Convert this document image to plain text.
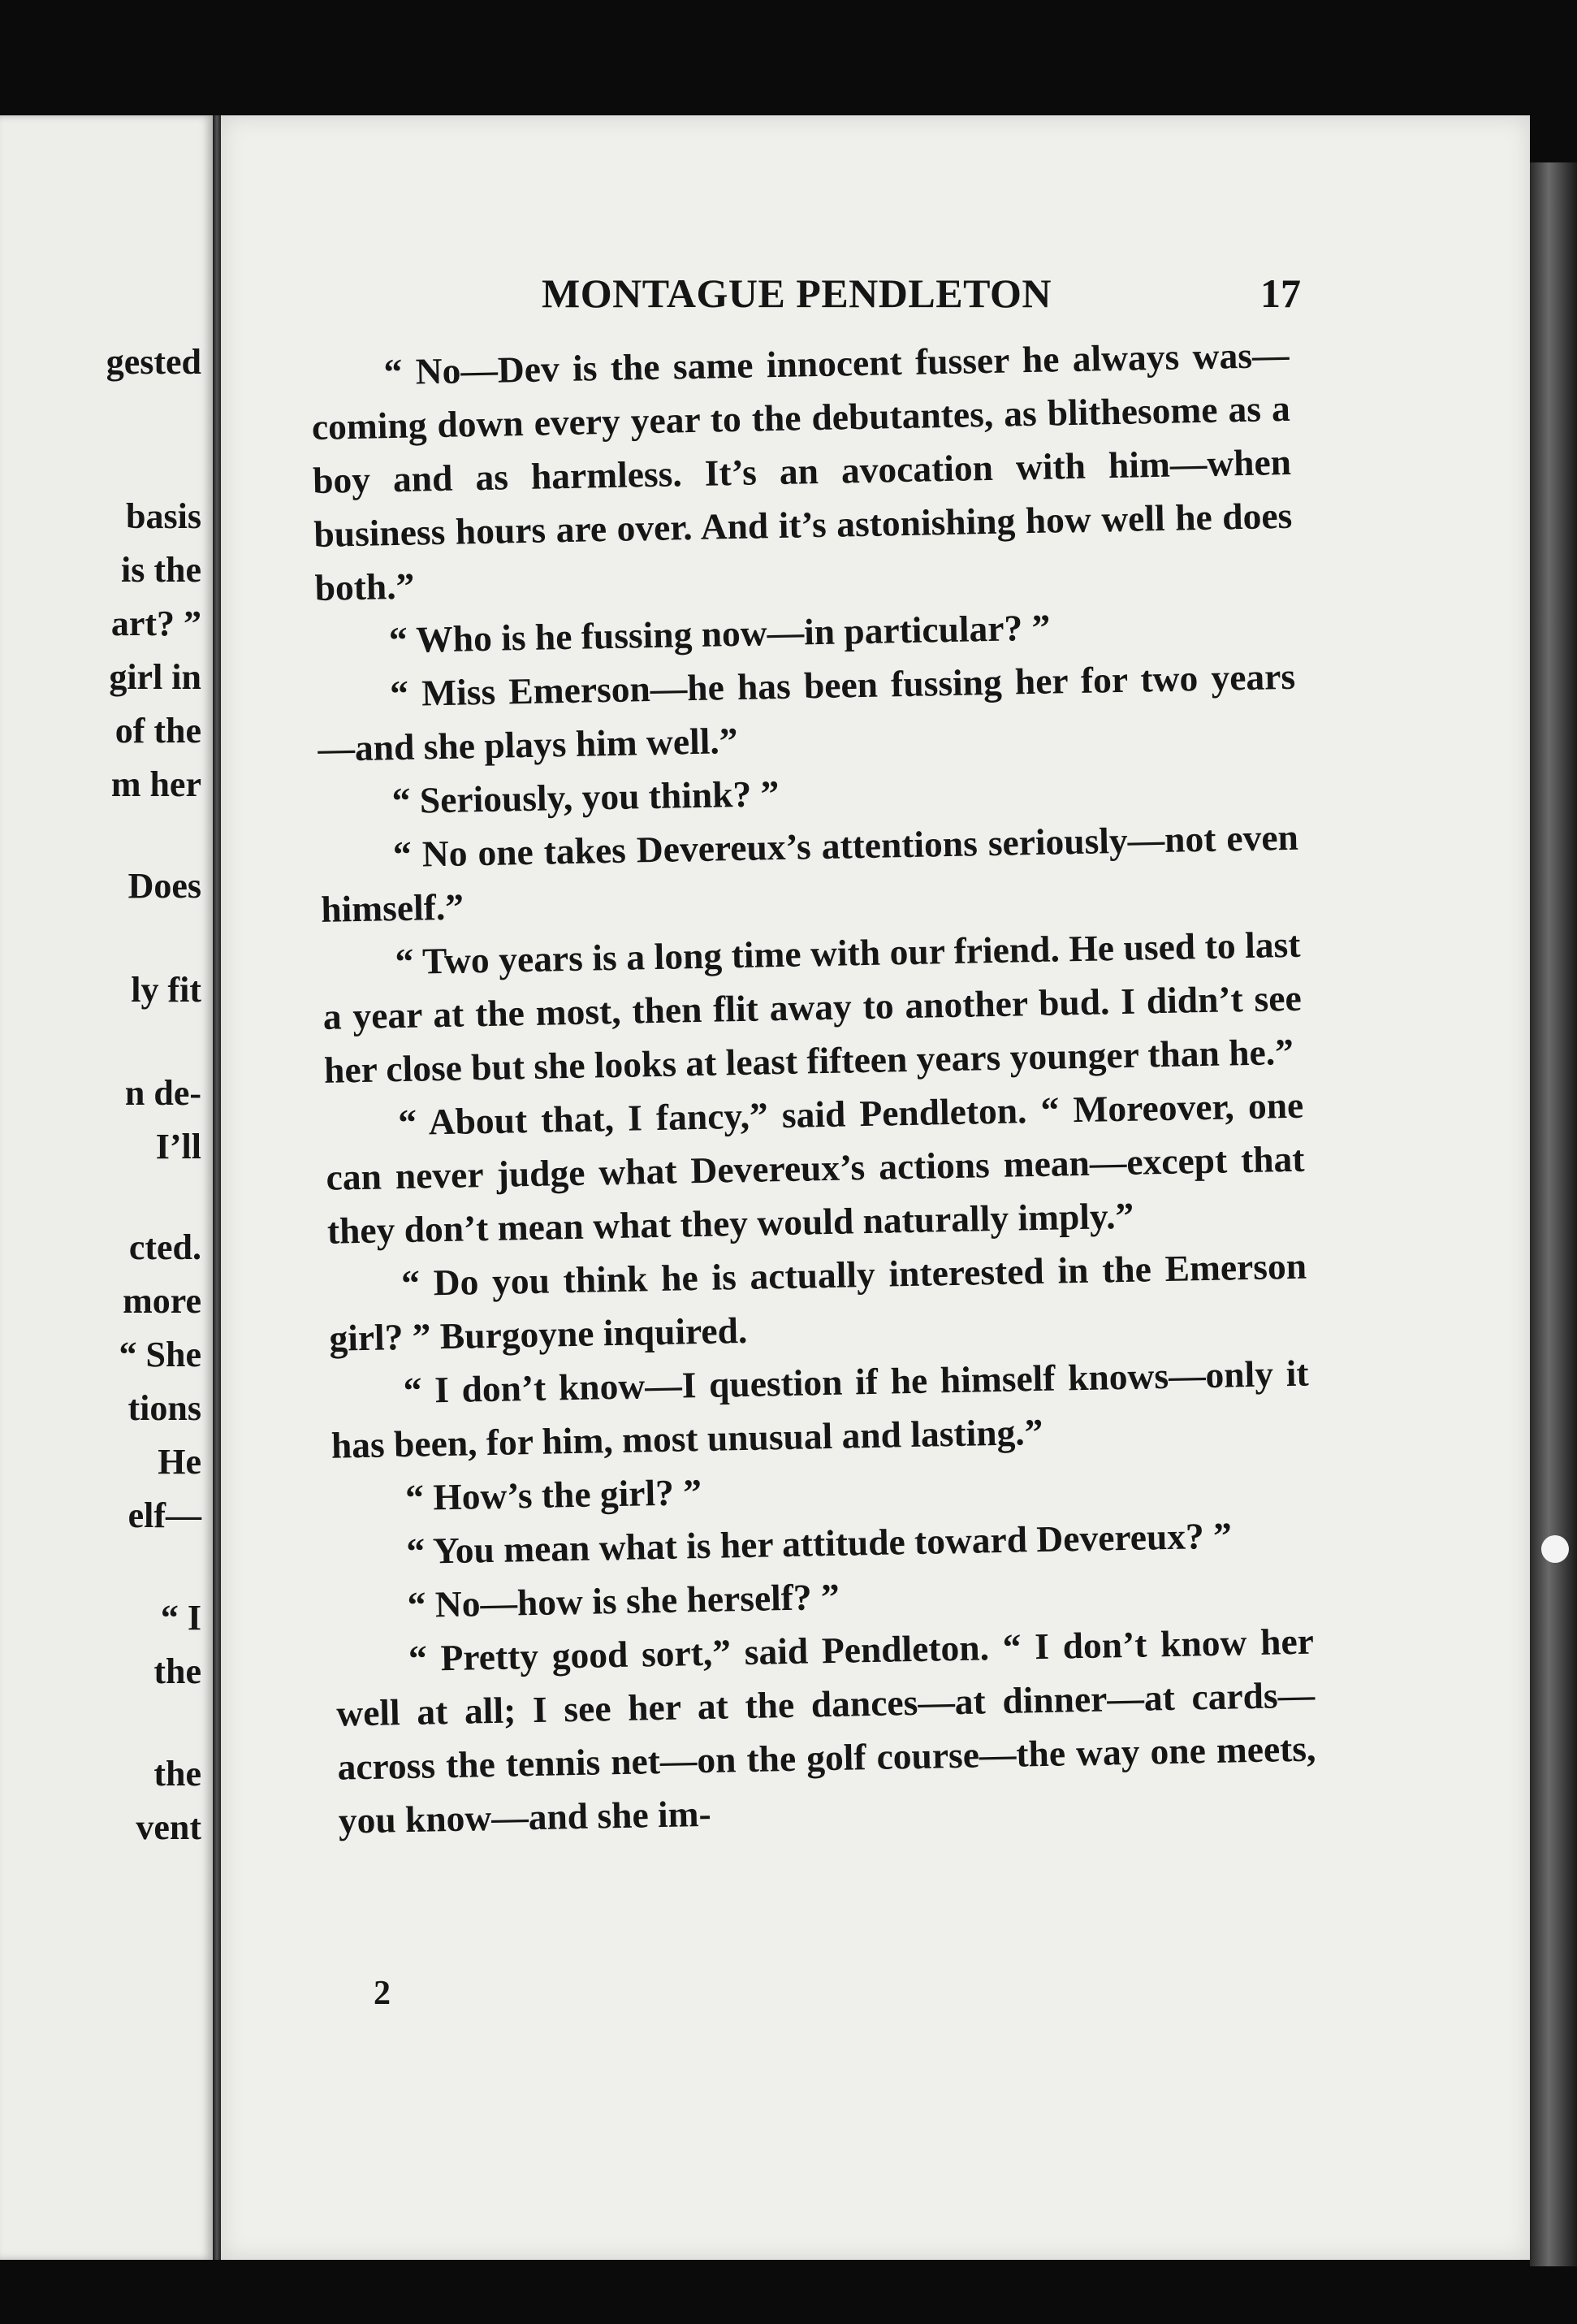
gested
basis
is the
art? ”
girl in
of the
m her
Does
ly fit
n de-
I’ll
cted.
more
“ She
tions
He
elf—
“ I
the
the
vent
MONTAGUE PENDLETON	17

“ No—Dev is the same innocent fusser he always was—coming down every year to the debutantes, as blithesome as a boy and as harmless. It’s an avocation with him—when business hours are over. And it’s astonishing how well he does both.”

“ Who is he fussing now—in particular? ”

“ Miss Emerson—he has been fussing her for two years—and she plays him well.”

“ Seriously, you think? ”

“ No one takes Devereux’s attentions seriously—not even himself.”

“ Two years is a long time with our friend. He used to last a year at the most, then flit away to another bud. I didn’t see her close but she looks at least fifteen years younger than he.”

“ About that, I fancy,” said Pendleton. “ Moreover, one can never judge what Devereux’s actions mean—except that they don’t mean what they would naturally imply.”

“ Do you think he is actually interested in the Emerson girl? ” Burgoyne inquired.

“ I don’t know—I question if he himself knows—only it has been, for him, most unusual and lasting.”

“ How’s the girl? ”

“ You mean what is her attitude toward Devereux? ”

“ No—how is she herself? ”

“ Pretty good sort,” said Pendleton. “ I don’t know her well at all; I see her at the dances—at dinner—at cards—across the tennis net—on the golf course—the way one meets, you know—and she im-

2
